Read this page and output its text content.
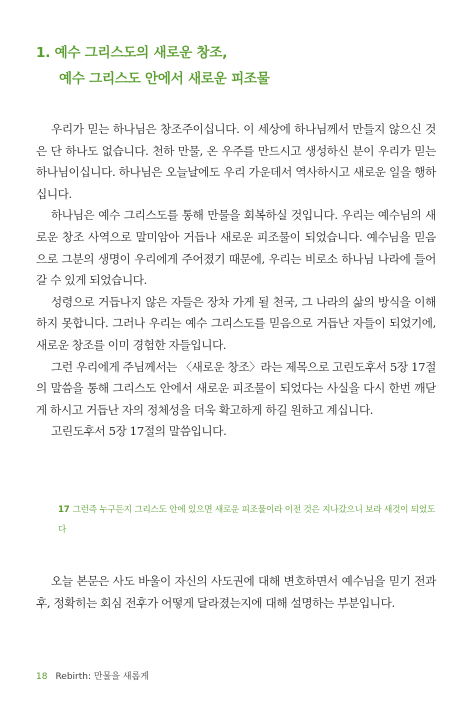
1. 예수 그리스도의 새로운 창조,
예수 그리스도 안에서 새로운 피조물

우리가 믿는 하나님은 창조주이십니다. 이 세상에 하나님께서 만들지 않으신 것은 단 하나도 없습니다. 천하 만물, 온 우주를 만드시고 생성하신 분이 우리가 믿는 하나님이십니다. 하나님은 오늘날에도 우리 가운데서 역사하시고 새로운 일을 행하십니다.

하나님은 예수 그리스도를 통해 만물을 회복하실 것입니다. 우리는 예수님의 새로운 창조 사역으로 말미암아 거듭나 새로운 피조물이 되었습니다. 예수님을 믿음으로 그분의 생명이 우리에게 주어졌기 때문에, 우리는 비로소 하나님 나라에 들어갈 수 있게 되었습니다.

성령으로 거듭나지 않은 자들은 장차 가게 될 천국, 그 나라의 삶의 방식을 이해하지 못합니다. 그러나 우리는 예수 그리스도를 믿음으로 거듭난 자들이 되었기에, 새로운 창조를 이미 경험한 자들입니다.

그런 우리에게 주님께서는 〈새로운 창조〉라는 제목으로 고린도후서 5장 17절의 말씀을 통해 그리스도 안에서 새로운 피조물이 되었다는 사실을 다시 한번 깨닫게 하시고 거듭난 자의 정체성을 더욱 확고하게 하길 원하고 계십니다.

고린도후서 5장 17절의 말씀입니다.

17 그런즉 누구든지 그리스도 안에 있으면 새로운 피조물이라 이전 것은 지나갔으니 보라 새것이 되었도다

오늘 본문은 사도 바울이 자신의 사도권에 대해 변호하면서 예수님을 믿기 전과 후, 정확히는 회심 전후가 어떻게 달라졌는지에 대해 설명하는 부분입니다.

18 Rebirth: 만물을 새롭게
